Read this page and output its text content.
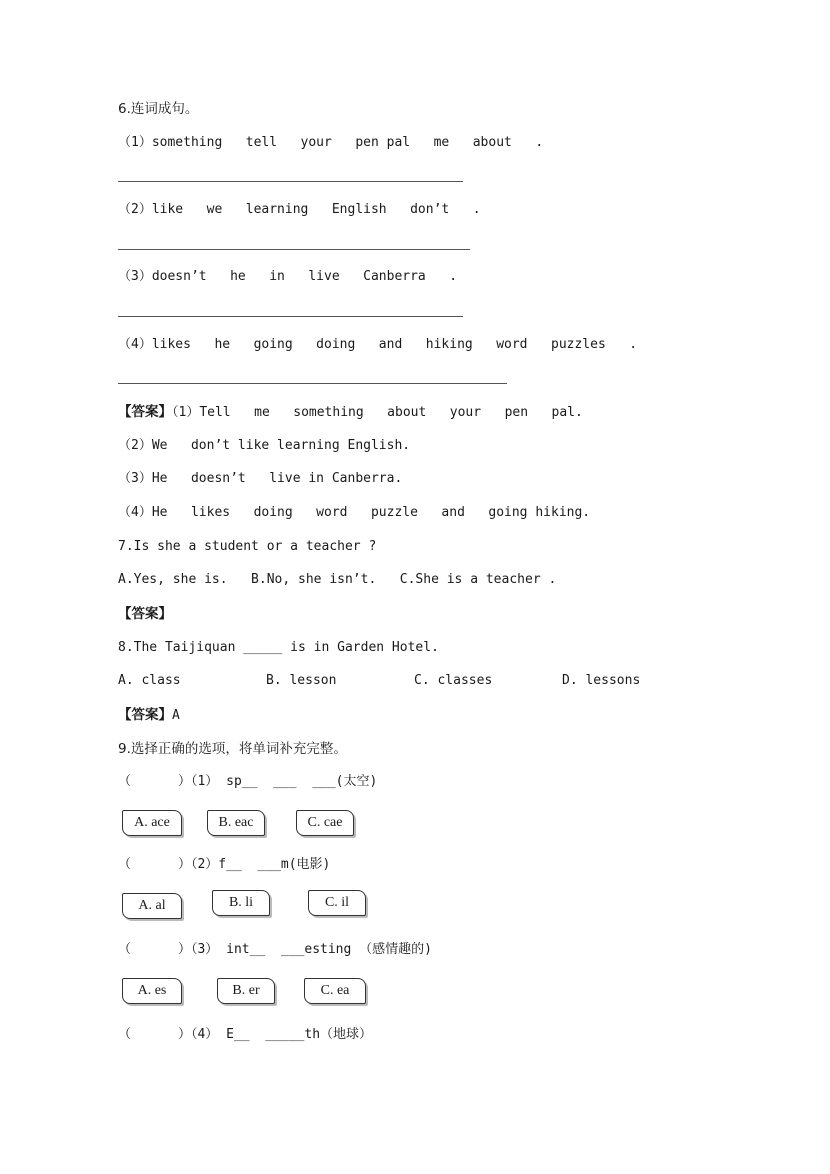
6.连词成句。
（1）something   tell   your   pen pal   me   about   .
（2）like   we   learning   English   don’t   .
（3）doesn’t   he   in   live   Canberra   .
（4）likes   he   going   doing   and   hiking   word   puzzles   .
【答案】（1）Tell   me   something   about   your   pen   pal.
（2）We   don’t like learning English.
（3）He   doesn’t   live in Canberra.
（4）He   likes   doing   word   puzzle   and   going hiking.
7.Is she a student or a teacher ?
A.Yes, she is.   B.No, she isn’t.   C.She is a teacher .
【答案】
8.The Taijiquan _____ is in Garden Hotel.
A. class	B. lesson	C. classes	D. lessons
【答案】A
9.选择正确的选项，将单词补充完整。
（      ）（1） sp__  ___  ___(太空)
A. ace	B. eac	C. cae
（      ）（2）f__  ___m(电影)
A. al	B. li	C. il
（      ）（3） int__  ___esting （感情趣的)
A. es	B. er	C. ea
（      ）（4） E__  _____th（地球）
